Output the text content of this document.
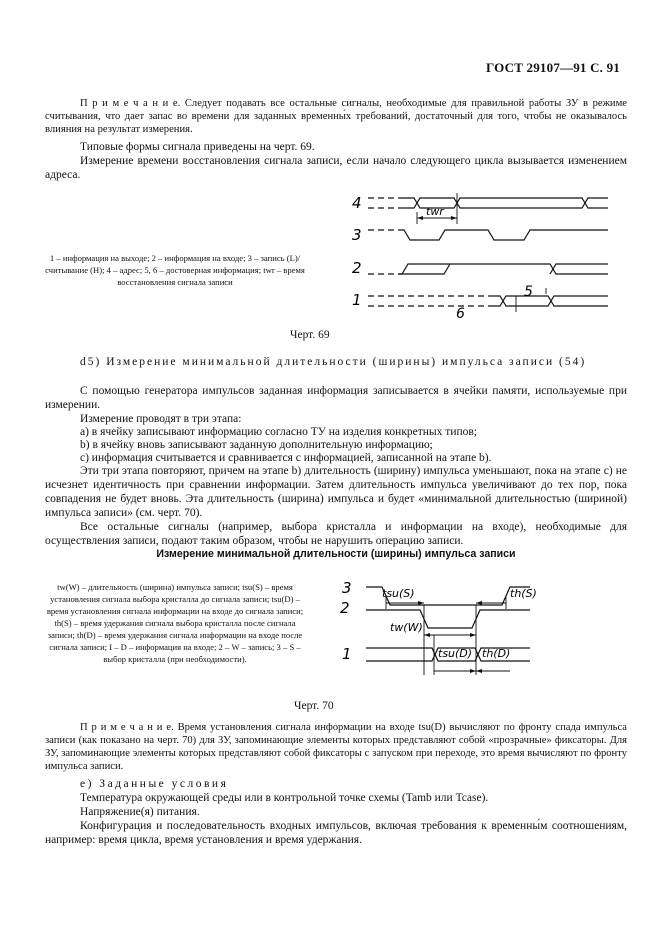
ГОСТ 29107—91 С. 91

П р и м е ч а н и е. Следует подавать все остальные сигналы, необходимые для правильной работы ЗУ в режиме считывания, что дает запас во времени для заданных временны́х требований, достаточный для того, чтобы не оказывалось влияния на результат измерения.

Типовые формы сигнала приведены на черт. 69.

Измерение времени восстановления сигнала записи, если начало следующего цикла вызывается изменением адреса.

1 – информация на выходе; 2 – информация на входе; 3 – запись (L)/считывание (H); 4 – адрес; 5, 6 – достоверная информация; twr – время восстановления сигнала записи

4
3
2
1
twr
5
6
Черт. 69

d5) Измерение минимальной длительности (ширины) импульса записи (54)

С помощью генератора импульсов заданная информация записывается в ячейки памяти, используемые при измерении.

Измерение проводят в три этапа:

a) в ячейку записывают информацию согласно ТУ на изделия конкретных типов;

b) в ячейку вновь записывают заданную дополнительную информацию;

c) информация считывается и сравнивается с информацией, записанной на этапе b).

Эти три этапа повторяют, причем на этапе b) длительность (ширину) импульса уменьшают, пока на этапе c) не исчезнет идентичность при сравнении информации. Затем длительность импульса увеличивают до тех пор, пока совпадения не будет вновь. Эта длительность (ширина) импульса и будет «минимальной длительностью (шириной) импульса записи» (см. черт. 70).

Все остальные сигналы (например, выбора кристалла и информации на входе), необходимые для осуществления записи, подают таким образом, чтобы не нарушить операцию записи.

Измерение минимальной длительности (ширины) импульса записи

tw(W) – длительность (ширина) импульса записи; tsu(S) – время установления сигнала выбора кристалла до сигнала записи; tsu(D) – время установления сигнала информации на входе до сигнала записи; th(S) – время удержания сигнала выбора кристалла после сигнала записи; th(D) – время удержания сигнала информации на входе после сигнала записи; I – D – информация на входе; 2 – W – запись; 3 – S – выбор кристалла (при необходимости).

3
2
1
tsu(S)	th(S)
tw(W)
tsu(D) th(D)
Черт. 70

П р и м е ч а н и е. Время установления сигнала информации на входе tsu(D) вычисляют по фронту спада импульса записи (как показано на черт. 70) для ЗУ, запоминающие элементы которых представляют собой «прозрачные» фиксаторы. Для ЗУ, запоминающие элементы которых представляют собой фиксаторы с запуском при переходе, это время вычисляют по фронту импульса записи.

е) Заданные условия

Температура окружающей среды или в контрольной точке схемы (Tamb или Tcase).

Напряжение(я) питания.

Конфигурация и последовательность входных импульсов, включая требования к временны́м соотношениям, например: время цикла, время установления и время удержания.
